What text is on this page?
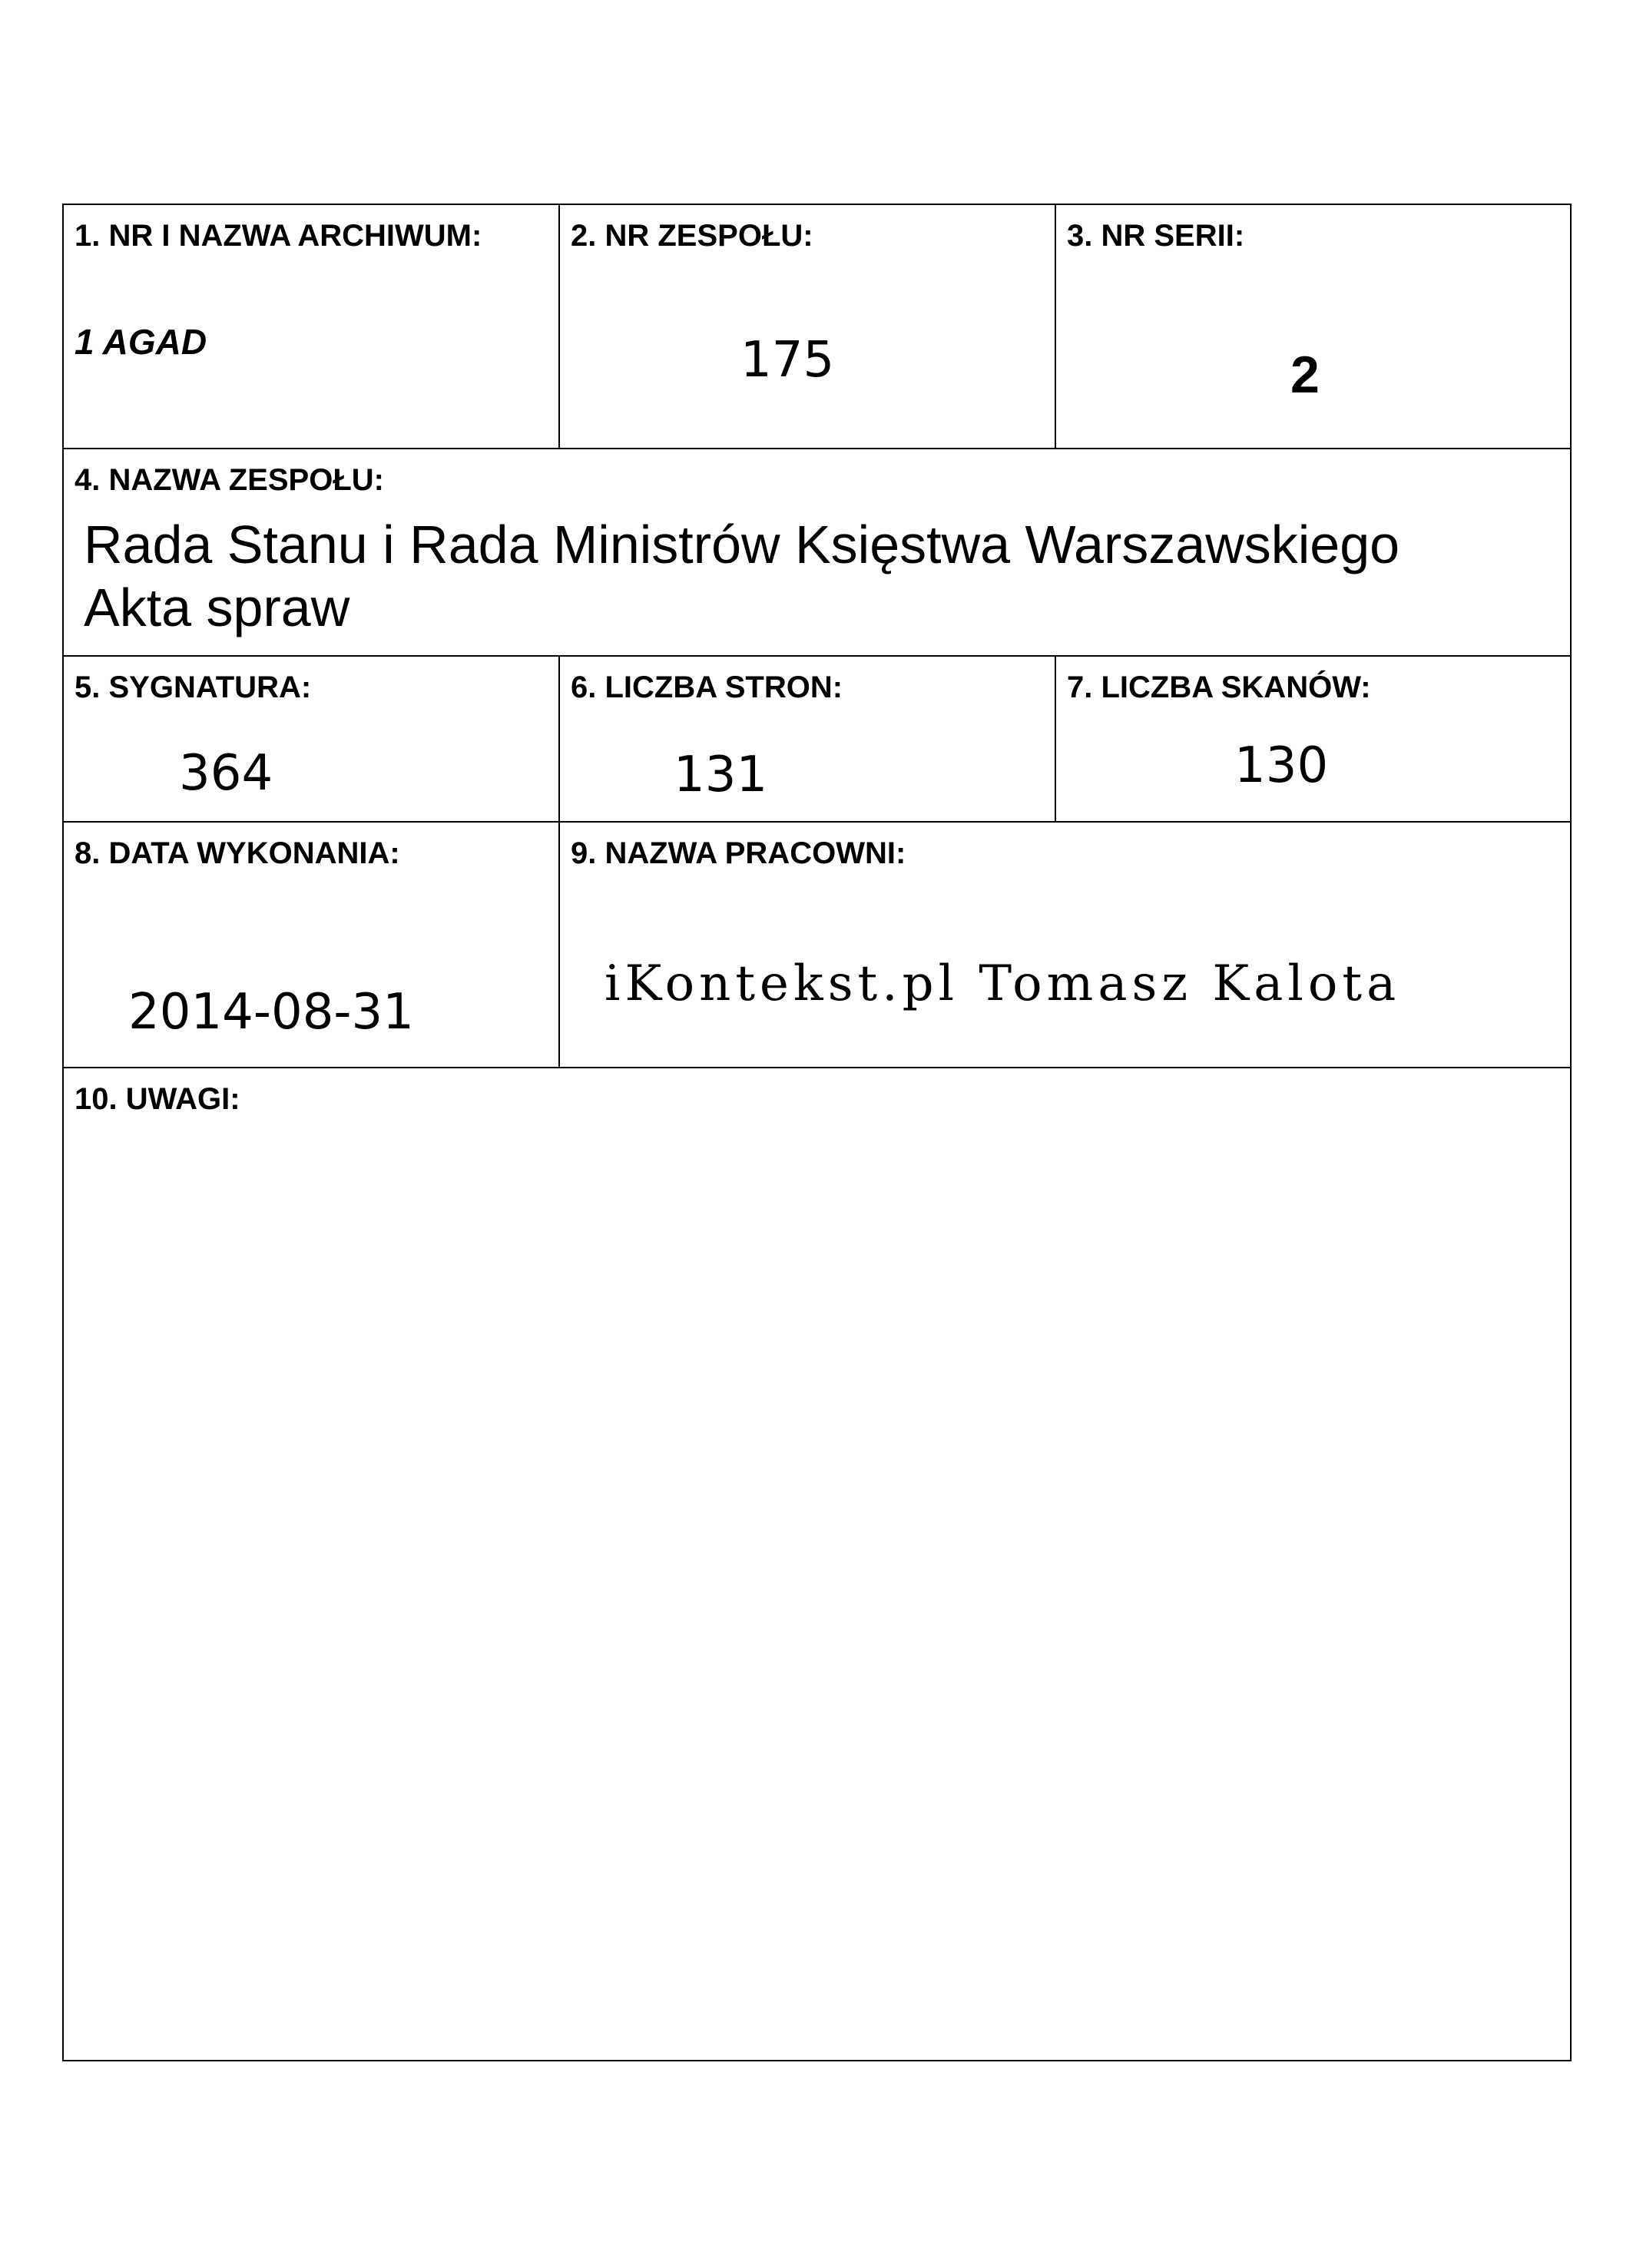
1. NR I NAZWA ARCHIWUM:
1 AGAD
2. NR ZESPOŁU:
175
3. NR SERII:
2
4. NAZWA ZESPOŁU:
Rada Stanu i Rada Ministrów Księstwa Warszawskiego
Akta spraw
5. SYGNATURA:
364
6. LICZBA STRON:
131
7. LICZBA SKANÓW:
130
8. DATA WYKONANIA:
2014-08-31
9. NAZWA PRACOWNI:
iKontekst.pl Tomasz Kalota
10. UWAGI:
